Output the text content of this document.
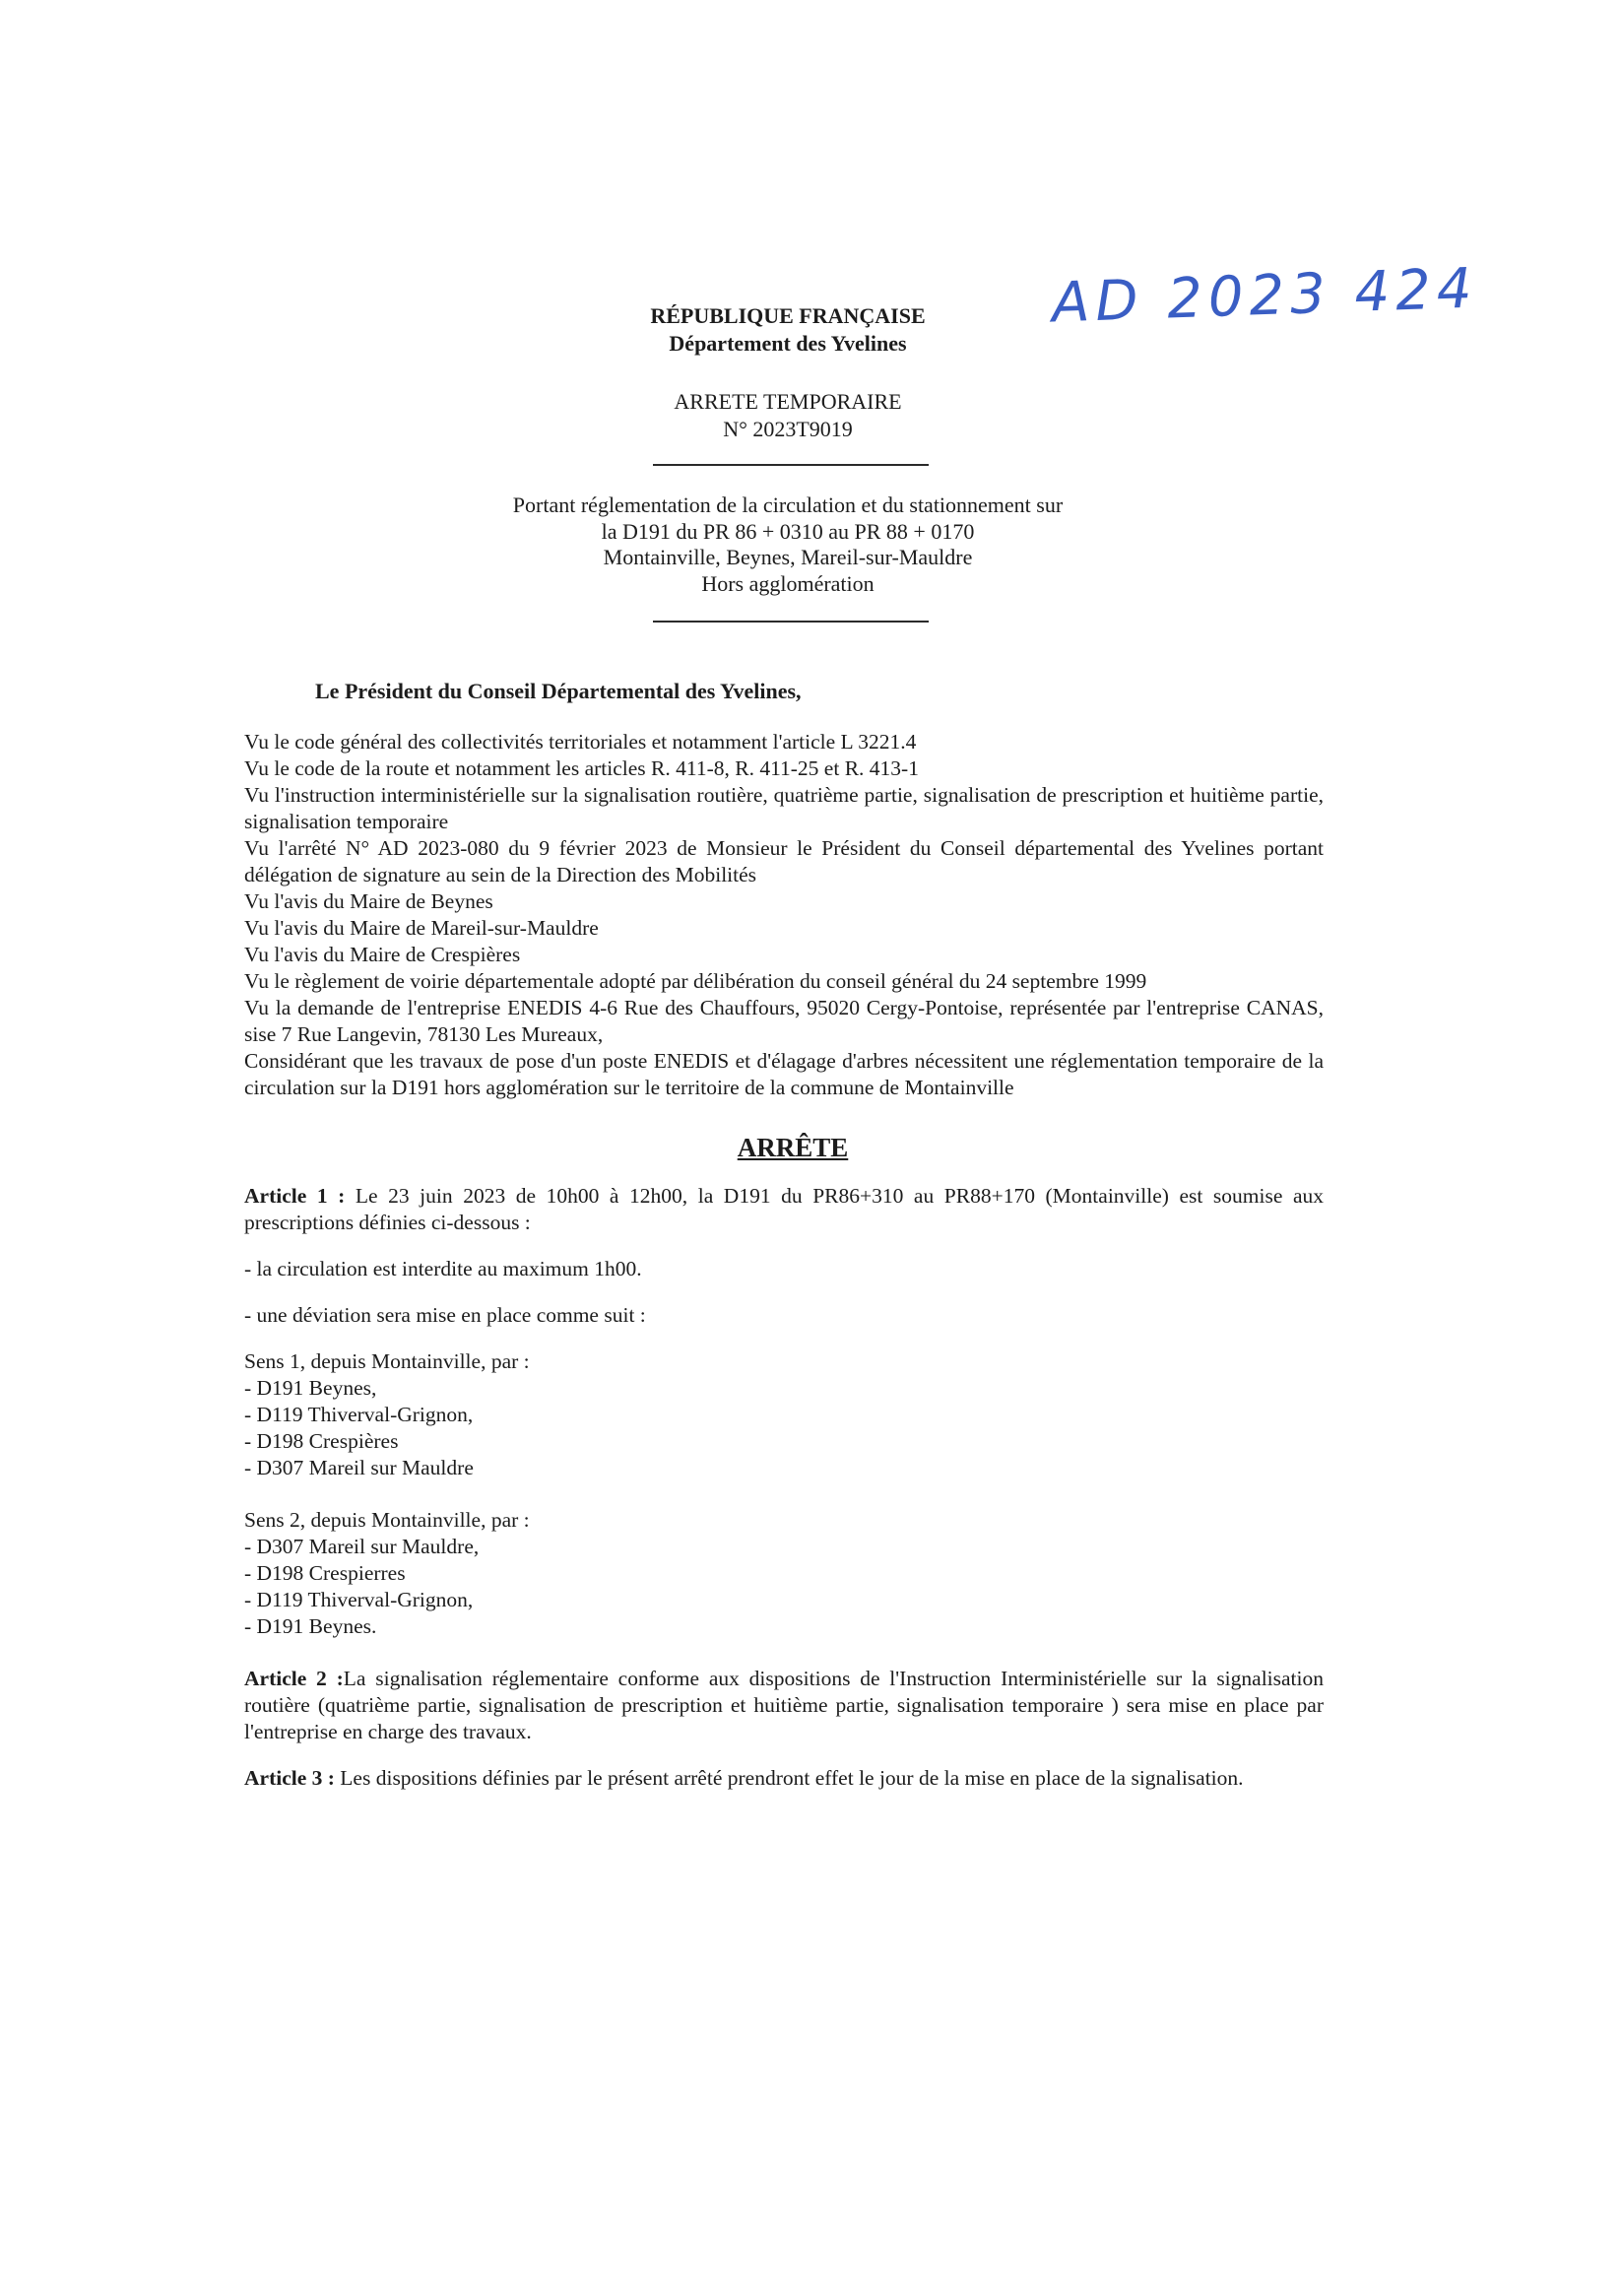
AD 2023 424
RÉPUBLIQUE FRANÇAISE
Département des Yvelines
ARRETE TEMPORAIRE
N° 2023T9019
Portant réglementation de la circulation et du stationnement sur
la D191 du PR 86 + 0310 au PR 88 + 0170
Montainville, Beynes, Mareil-sur-Mauldre
Hors agglomération
Le Président du Conseil Départemental des Yvelines,

Vu le code général des collectivités territoriales et notamment l'article L 3221.4

Vu le code de la route et notamment les articles R. 411-8, R. 411-25 et R. 413-1

Vu l'instruction interministérielle sur la signalisation routière, quatrième partie, signalisation de prescription et huitième partie, signalisation temporaire

Vu l'arrêté N° AD 2023-080 du 9 février 2023 de Monsieur le Président du Conseil départemental des Yvelines portant délégation de signature au sein de la Direction des Mobilités

Vu l'avis du Maire de Beynes

Vu l'avis du Maire de Mareil-sur-Mauldre

Vu l'avis du Maire de Crespières

Vu le règlement de voirie départementale adopté par délibération du conseil général du 24 septembre 1999

Vu la demande de l'entreprise ENEDIS 4-6 Rue des Chauffours, 95020 Cergy-Pontoise, représentée par l'entreprise CANAS, sise 7 Rue Langevin, 78130 Les Mureaux,

Considérant que les travaux de pose d'un poste ENEDIS et d'élagage d'arbres nécessitent une réglementation temporaire de la circulation sur la D191 hors agglomération sur le territoire de la commune de Montainville

ARRÊTE

Article 1 : Le 23 juin 2023 de 10h00 à 12h00, la D191 du PR86+310 au PR88+170 (Montainville) est soumise aux prescriptions définies ci-dessous :

- la circulation est interdite au maximum 1h00.

- une déviation sera mise en place comme suit :

Sens 1, depuis Montainville, par :
- D191 Beynes,
- D119 Thiverval-Grignon,
- D198 Crespières
- D307 Mareil sur Mauldre
Sens 2, depuis Montainville, par :
- D307 Mareil sur Mauldre,
- D198 Crespierres
- D119 Thiverval-Grignon,
- D191 Beynes.

Article 2 :La signalisation réglementaire conforme aux dispositions de l'Instruction Interministérielle sur la signalisation routière (quatrième partie, signalisation de prescription et huitième partie, signalisation temporaire ) sera mise en place par l'entreprise en charge des travaux.

Article 3 : Les dispositions définies par le présent arrêté prendront effet le jour de la mise en place de la signalisation.
